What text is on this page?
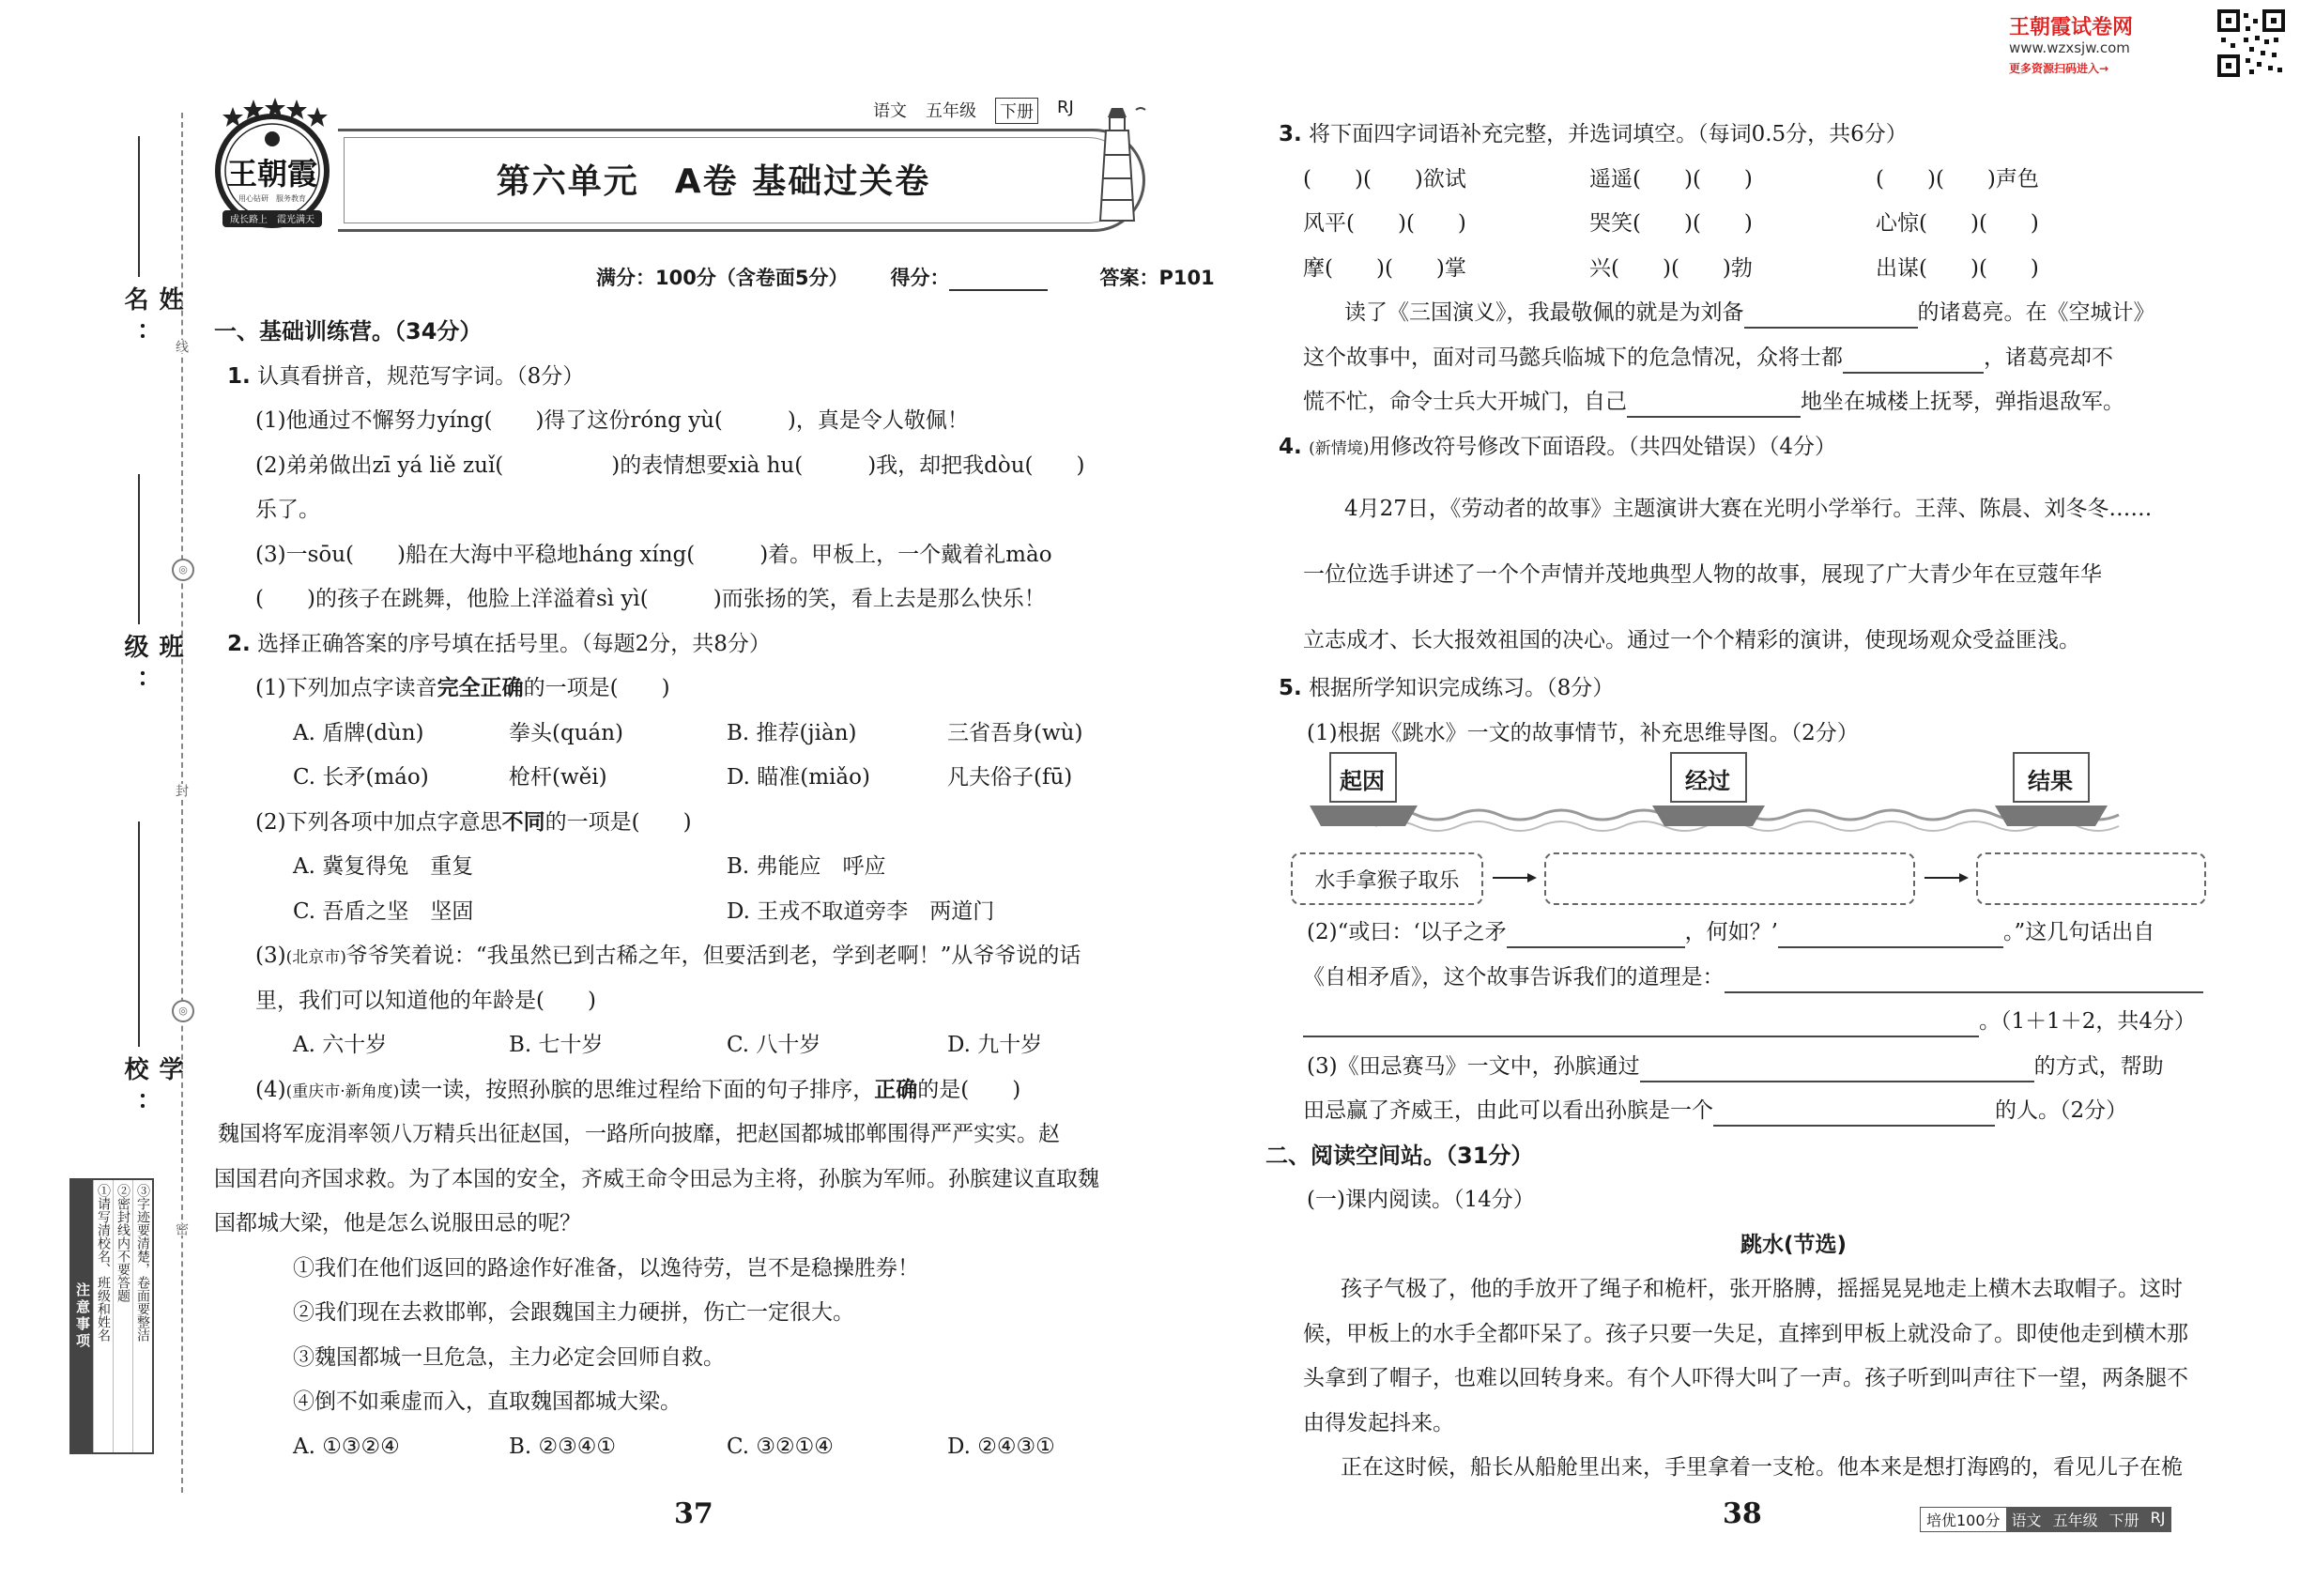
线
◎
封
◎
密
姓名：
班级：
学校：
③字迹要清楚，卷面要整洁
②密封线内不要答题
①请写清校名、班级和姓名
注意事项
王朝霞
用心钻研　服务教育
成长路上　霞光满天
语文 五年级 下册 RJ
第六单元　A卷 基础过关卷
满分：100分（含卷面5分） 得分：	答案：P101
一、基础训练营。（34分）
1. 认真看拼音，规范写字词。（8分）
(1)他通过不懈努力yíng(　　)得了这份róng yù(　　　)，真是令人敬佩！
(2)弟弟做出zī yá liě zuǐ(　　　　　)的表情想要xià hu(　　　)我，却把我dòu(　　)
乐了。
(3)一sōu(　　)船在大海中平稳地háng xíng(　　　)着。甲板上，一个戴着礼mào
(　　)的孩子在跳舞，他脸上洋溢着sì yì(　　　)而张扬的笑，看上去是那么快乐！
2. 选择正确答案的序号填在括号里。（每题2分，共8分）
(1)下列加点字读音完全正确的一项是(　　)
A. 盾牌(dùn)	拳头(quán)	B. 推荐(jiàn)	三省吾身(wù)
C. 长矛(máo)	枪杆(wěi)	D. 瞄准(miǎo)	凡夫俗子(fū)
(2)下列各项中加点字意思不同的一项是(　　)
A. 冀复得兔　重复	B. 弗能应　呼应
C. 吾盾之坚　坚固	D. 王戎不取道旁李　两道门
(3)(北京市)爷爷笑着说：“我虽然已到古稀之年，但要活到老，学到老啊！”从爷爷说的话
里，我们可以知道他的年龄是(　　)
A. 六十岁	B. 七十岁	C. 八十岁	D. 九十岁
(4)(重庆市·新角度)读一读，按照孙膑的思维过程给下面的句子排序，正确的是(　　)
魏国将军庞涓率领八万精兵出征赵国，一路所向披靡，把赵国都城邯郸围得严严实实。赵
国国君向齐国求救。为了本国的安全，齐威王命令田忌为主将，孙膑为军师。孙膑建议直取魏
国都城大梁，他是怎么说服田忌的呢？
①我们在他们返回的路途作好准备，以逸待劳，岂不是稳操胜券！
②我们现在去救邯郸，会跟魏国主力硬拼，伤亡一定很大。
③魏国都城一旦危急，主力必定会回师自救。
④倒不如乘虚而入，直取魏国都城大梁。
A. ①③②④	B. ②③④①	C. ③②①④	D. ②④③①
37
王朝霞试卷网
www.wzxsjw.com
更多资源扫码进入→
3. 将下面四字词语补充完整，并选词填空。（每词0.5分，共6分）
(　　)(　　)欲试	遥遥(　　)(　　)	(　　)(　　)声色
风平(　　)(　　)	哭笑(　　)(　　)	心惊(　　)(　　)
摩(　　)(　　)掌	兴(　　)(　　)勃	出谋(　　)(　　)
读了《三国演义》，我最敬佩的就是为刘备	的诸葛亮。在《空城计》
这个故事中，面对司马懿兵临城下的危急情况，众将士都	，诸葛亮却不
慌不忙，命令士兵大开城门，自己	地坐在城楼上抚琴，弹指退敌军。
4. (新情境)用修改符号修改下面语段。（共四处错误）（4分）
4月27日，《劳动者的故事》主题演讲大赛在光明小学举行。王萍、陈晨、刘冬冬……
一位位选手讲述了一个个声情并茂地典型人物的故事，展现了广大青少年在豆蔻年华
立志成才、长大报效祖国的决心。通过一个个精彩的演讲，使现场观众受益匪浅。
5. 根据所学知识完成练习。（8分）
(1)根据《跳水》一文的故事情节，补充思维导图。（2分）
起因	经过	结果
水手拿猴子取乐
(2)“或曰：‘以子之矛	，何如？’	。”这几句话出自
《自相矛盾》，这个故事告诉我们的道理是：
。（1＋1＋2，共4分）
(3)《田忌赛马》一文中，孙膑通过	的方式，帮助
田忌赢了齐威王，由此可以看出孙膑是一个	的人。（2分）
二、阅读空间站。（31分）
(一)课内阅读。（14分）
跳水(节选)
孩子气极了，他的手放开了绳子和桅杆，张开胳膊，摇摇晃晃地走上横木去取帽子。这时
候，甲板上的水手全都吓呆了。孩子只要一失足，直摔到甲板上就没命了。即使他走到横木那
头拿到了帽子，也难以回转身来。有个人吓得大叫了一声。孩子听到叫声往下一望，两条腿不
由得发起抖来。
正在这时候，船长从船舱里出来，手里拿着一支枪。他本来是想打海鸥的，看见儿子在桅
38	培优100分 语文 五年级 下册 RJ
